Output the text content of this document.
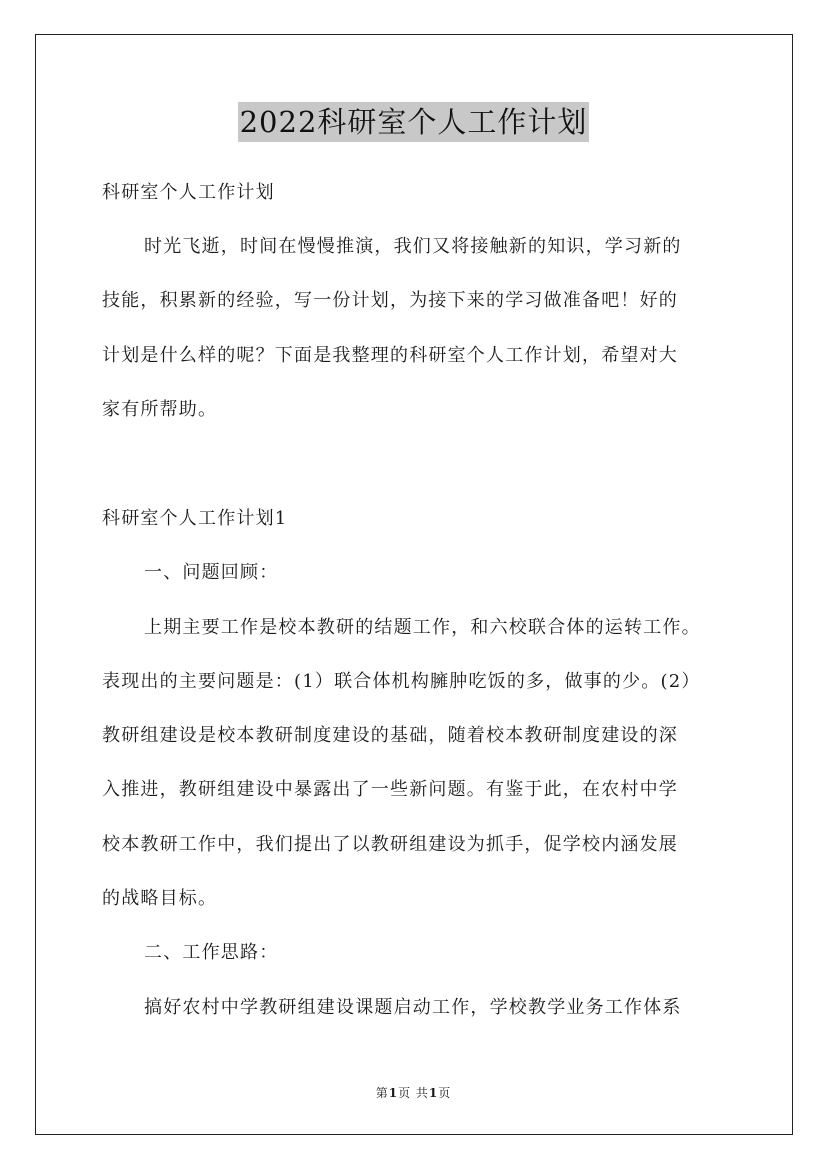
2022科研室个人工作计划
科研室个人工作计划
时光飞逝，时间在慢慢推演，我们又将接触新的知识，学习新的
技能，积累新的经验，写一份计划，为接下来的学习做准备吧！好的
计划是什么样的呢？下面是我整理的科研室个人工作计划，希望对大
家有所帮助。
科研室个人工作计划1
一、问题回顾：
上期主要工作是校本教研的结题工作，和六校联合体的运转工作。
表现出的主要问题是：(1）联合体机构臃肿吃饭的多，做事的少。(2）
教研组建设是校本教研制度建设的基础，随着校本教研制度建设的深
入推进，教研组建设中暴露出了一些新问题。有鉴于此，在农村中学
校本教研工作中，我们提出了以教研组建设为抓手，促学校内涵发展
的战略目标。
二、工作思路：
搞好农村中学教研组建设课题启动工作，学校教学业务工作体系
第1页 共1页
